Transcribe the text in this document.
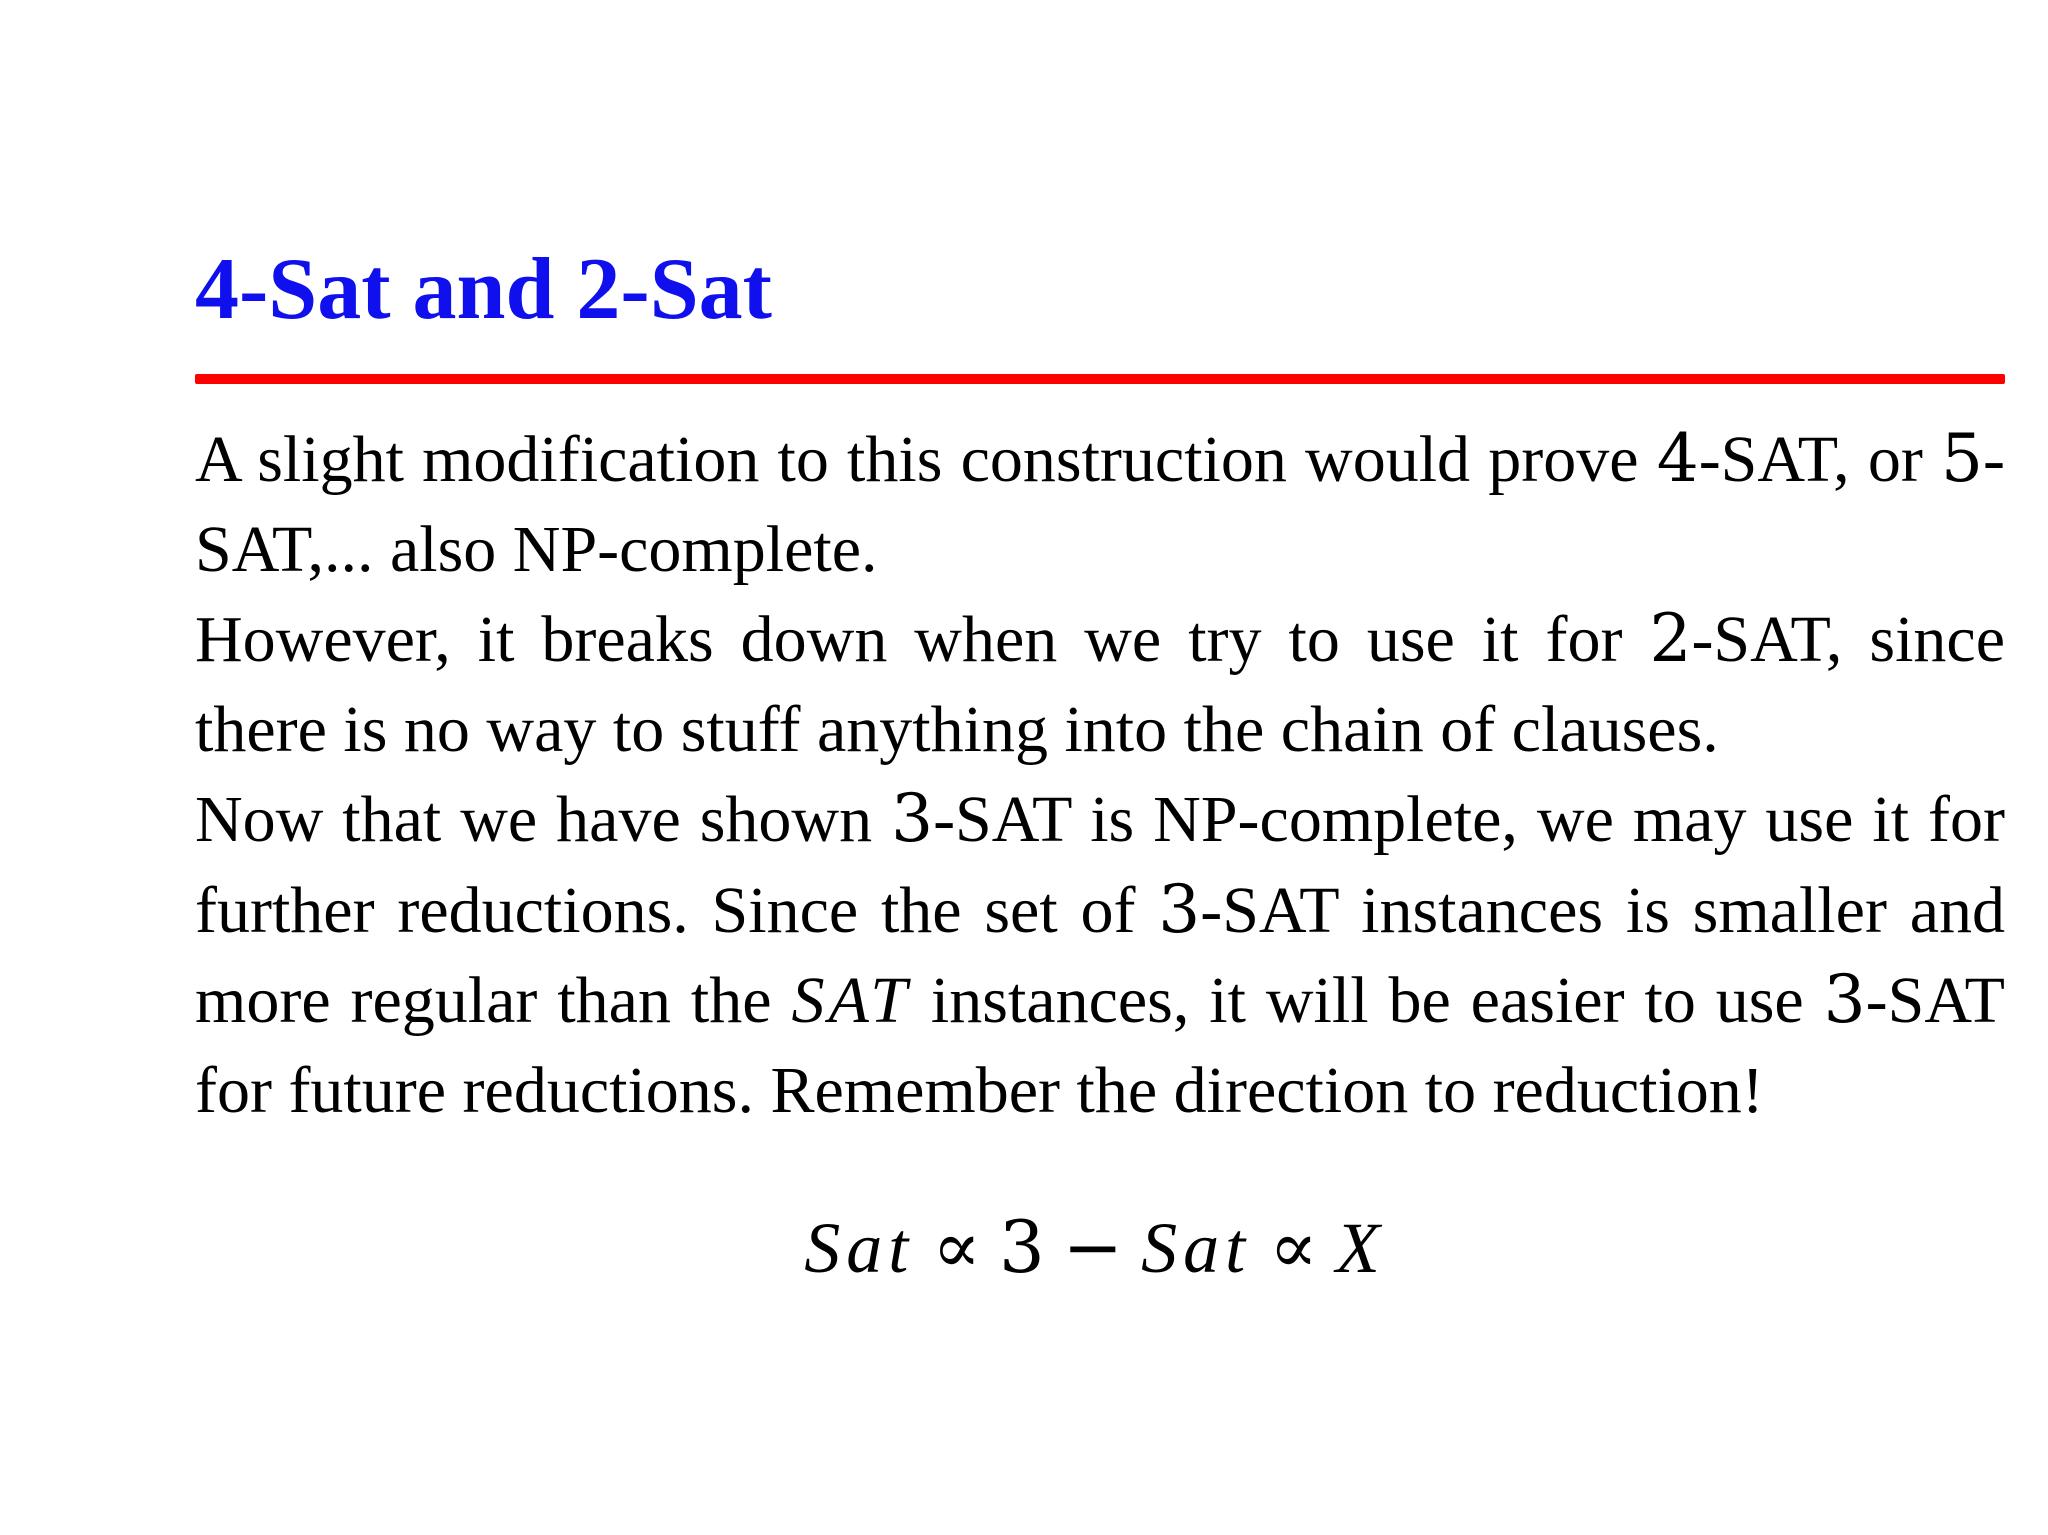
4-Sat and 2-Sat

A slight modification to this construction would prove 4-SAT, or 5-SAT,... also NP-complete.

However, it breaks down when we try to use it for 2-SAT, since there is no way to stuff anything into the chain of clauses.

Now that we have shown 3-SAT is NP-complete, we may use it for further reductions. Since the set of 3-SAT instances is smaller and more regular than the SAT instances, it will be easier to use 3-SAT for future reductions. Remember the direction to reduction!

Sat ∝ 3 − Sat ∝ X
